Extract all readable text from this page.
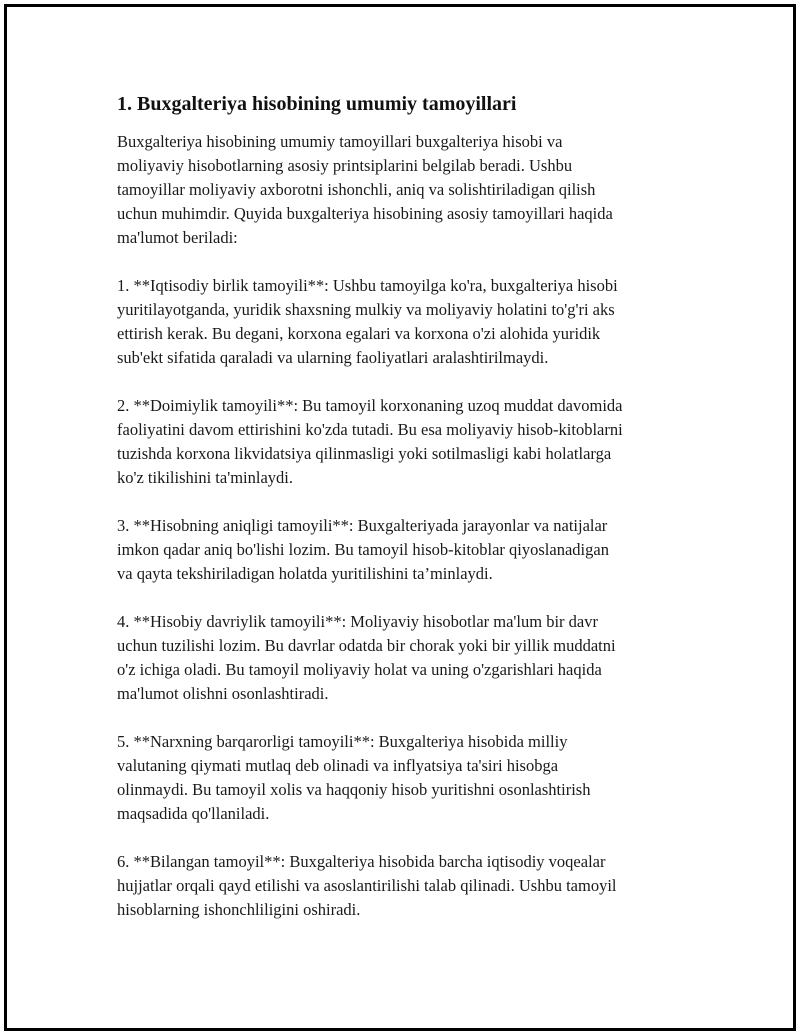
1. Buxgalteriya hisobining umumiy tamoyillari

Buxgalteriya hisobining umumiy tamoyillari buxgalteriya hisobi va
moliyaviy hisobotlarning asosiy printsiplarini belgilab beradi. Ushbu
tamoyillar moliyaviy axborotni ishonchli, aniq va solishtiriladigan qilish
uchun muhimdir. Quyida buxgalteriya hisobining asosiy tamoyillari haqida
ma'lumot beriladi:

1. **Iqtisodiy birlik tamoyili**: Ushbu tamoyilga ko'ra, buxgalteriya hisobi
yuritilayotganda, yuridik shaxsning mulkiy va moliyaviy holatini to'g'ri aks
ettirish kerak. Bu degani, korxona egalari va korxona o'zi alohida yuridik
sub'ekt sifatida qaraladi va ularning faoliyatlari aralashtirilmaydi.

2. **Doimiylik tamoyili**: Bu tamoyil korxonaning uzoq muddat davomida
faoliyatini davom ettirishini ko'zda tutadi. Bu esa moliyaviy hisob-kitoblarni
tuzishda korxona likvidatsiya qilinmasligi yoki sotilmasligi kabi holatlarga
ko'z tikilishini ta'minlaydi.

3. **Hisobning aniqligi tamoyili**: Buxgalteriyada jarayonlar va natijalar
imkon qadar aniq bo'lishi lozim. Bu tamoyil hisob-kitoblar qiyoslanadigan
va qayta tekshiriladigan holatda yuritilishini ta’minlaydi.

4. **Hisobiy davriylik tamoyili**: Moliyaviy hisobotlar ma'lum bir davr
uchun tuzilishi lozim. Bu davrlar odatda bir chorak yoki bir yillik muddatni
o'z ichiga oladi. Bu tamoyil moliyaviy holat va uning o'zgarishlari haqida
ma'lumot olishni osonlashtiradi.

5. **Narxning barqarorligi tamoyili**: Buxgalteriya hisobida milliy
valutaning qiymati mutlaq deb olinadi va inflyatsiya ta'siri hisobga
olinmaydi. Bu tamoyil xolis va haqqoniy hisob yuritishni osonlashtirish
maqsadida qo'llaniladi.

6. **Bilangan tamoyil**: Buxgalteriya hisobida barcha iqtisodiy voqealar
hujjatlar orqali qayd etilishi va asoslantirilishi talab qilinadi. Ushbu tamoyil
hisoblarning ishonchliligini oshiradi.
